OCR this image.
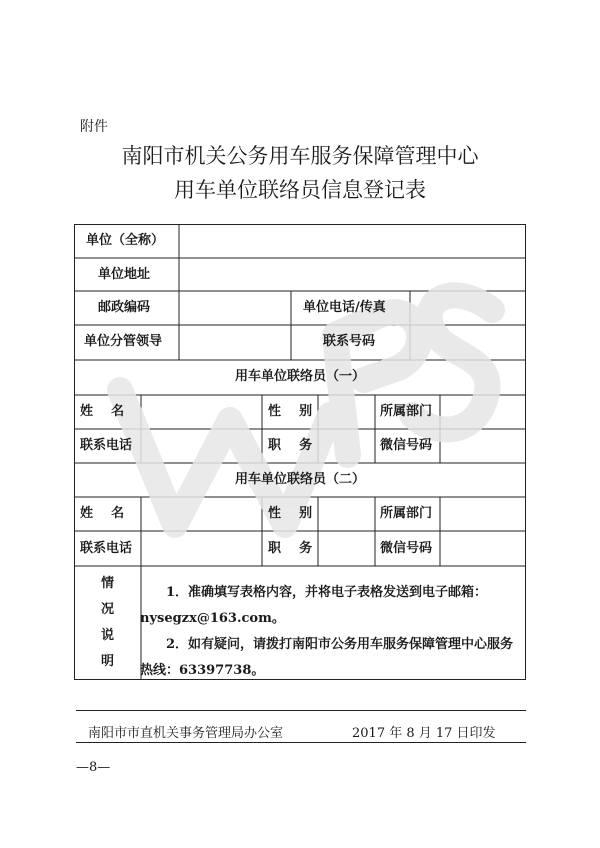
附件
南阳市机关公务用车服务保障管理中心
用车单位联络员信息登记表
单位（全称）
单位地址
邮政编码	单位电话/传真
单位分管领导	联系号码
用车单位联络员（一）
姓    名	性    别	所属部门
联系电话	职    务	微信号码
用车单位联络员（二）
姓    名	性    别	所属部门
联系电话	职    务	微信号码
情
况
说
明

1．准确填写表格内容，并将电子表格发送到电子邮箱：nysegzx@163.com。

2．如有疑问，请拨打南阳市公务用车服务保障管理中心服务热线：63397738。

南阳市市直机关事务管理局办公室	2017 年 8 月 17 日印发
—8—
